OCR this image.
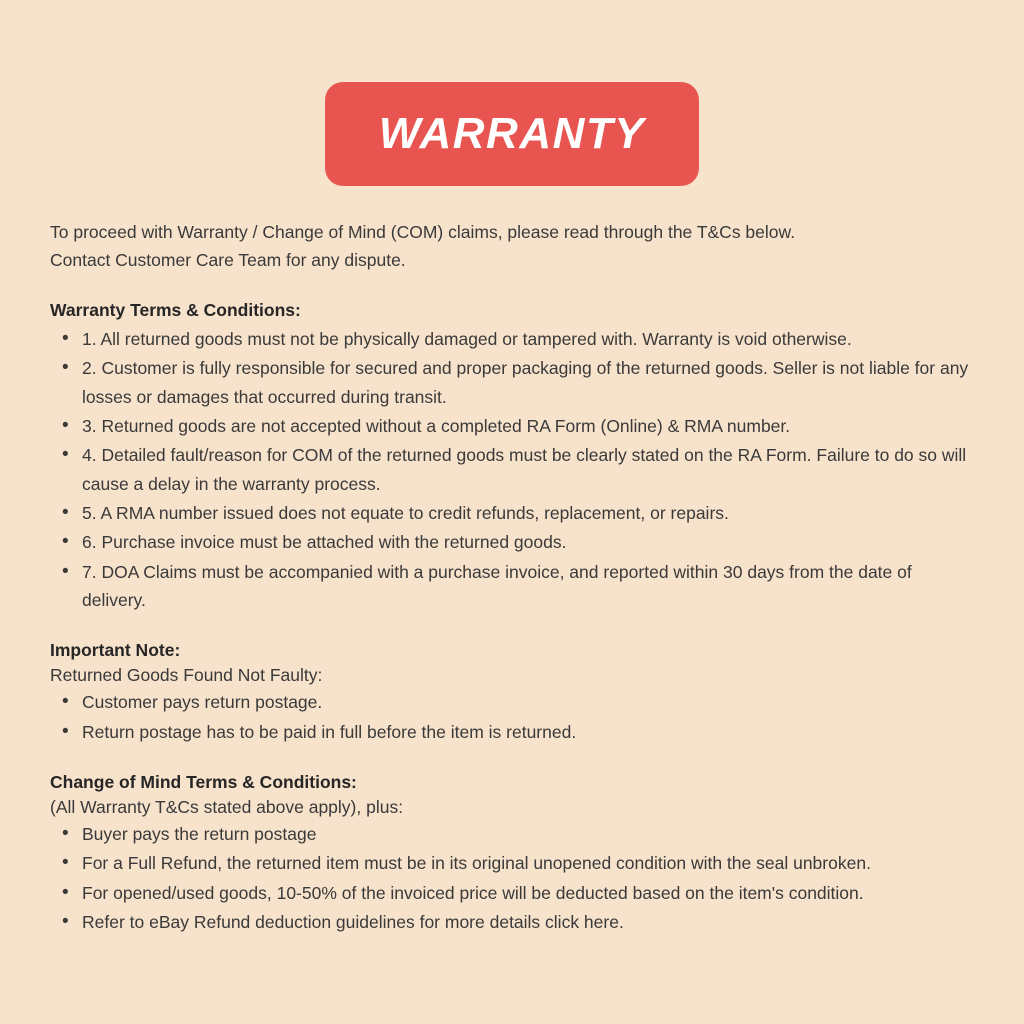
WARRANTY
To proceed with Warranty / Change of Mind (COM) claims, please read through the T&Cs below.
Contact Customer Care Team for any dispute.
Warranty Terms & Conditions:
• 1. All returned goods must not be physically damaged or tampered with. Warranty is void otherwise.
• 2. Customer is fully responsible for secured and proper packaging of the returned goods. Seller is not liable for any losses or damages that occurred during transit.
• 3. Returned goods are not accepted without a completed RA Form (Online) & RMA number.
• 4. Detailed fault/reason for COM of the returned goods must be clearly stated on the RA Form. Failure to do so will cause a delay in the warranty process.
• 5. A RMA number issued does not equate to credit refunds, replacement, or repairs.
• 6. Purchase invoice must be attached with the returned goods.
• 7. DOA Claims must be accompanied with a purchase invoice, and reported within 30 days from the date of delivery.
Important Note:
Returned Goods Found Not Faulty:
• Customer pays return postage.
• Return postage has to be paid in full before the item is returned.
Change of Mind Terms & Conditions:
(All Warranty T&Cs stated above apply), plus:
• Buyer pays the return postage
• For a Full Refund, the returned item must be in its original unopened condition with the seal unbroken.
• For opened/used goods, 10-50% of the invoiced price will be deducted based on the item's condition.
• Refer to eBay Refund deduction guidelines for more details click here.
